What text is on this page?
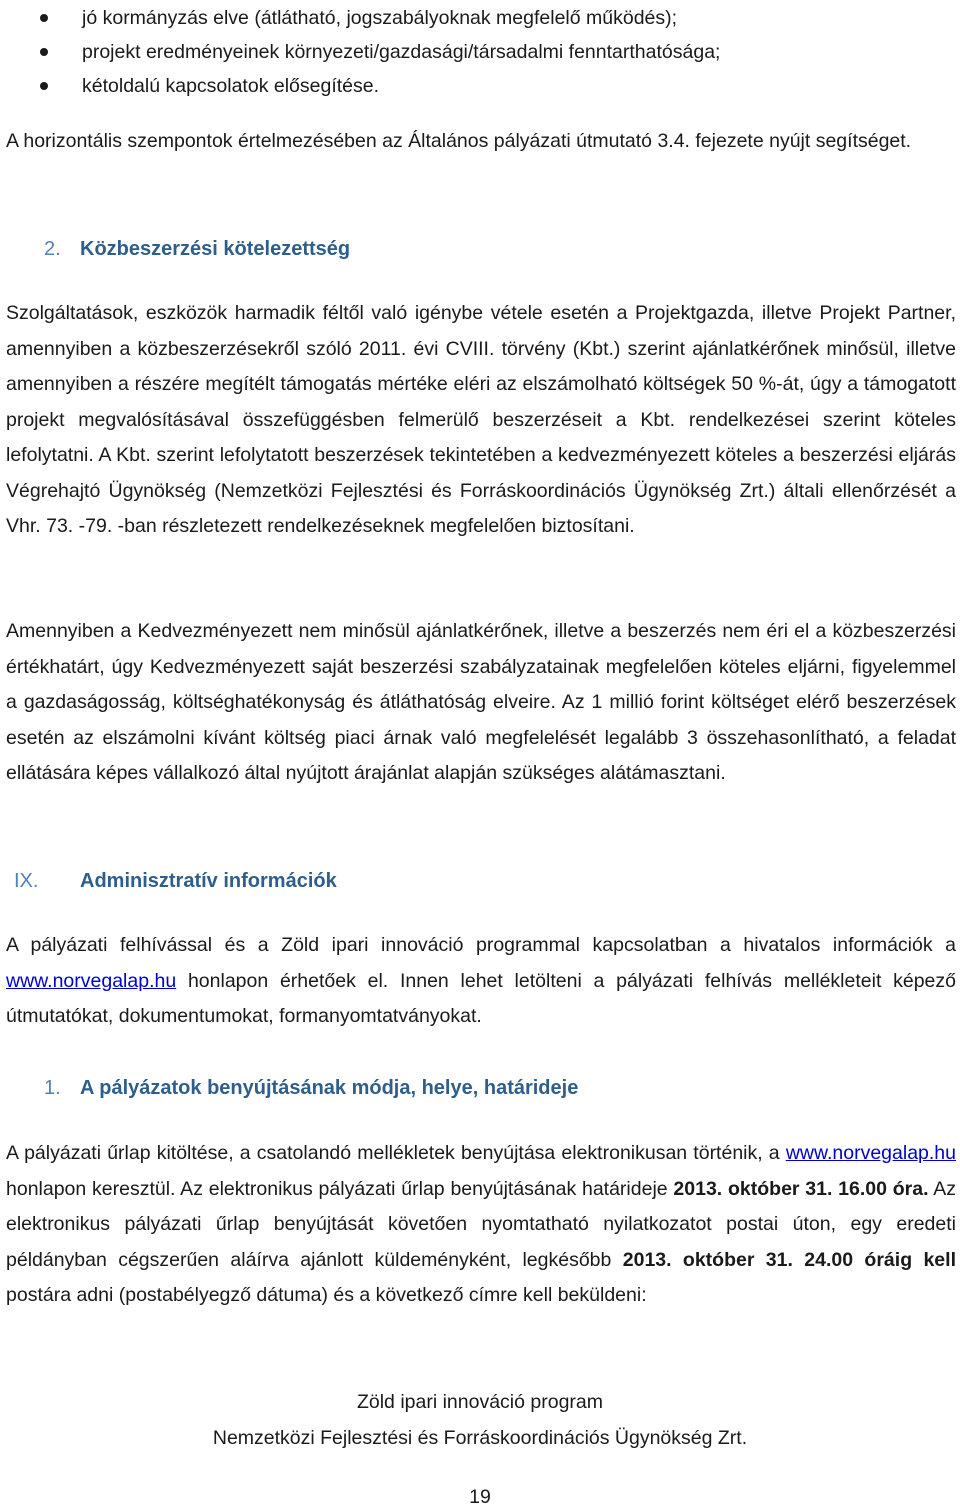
jó kormányzás elve (átlátható, jogszabályoknak megfelelő működés);
projekt eredményeinek környezeti/gazdasági/társadalmi fenntarthatósága;
kétoldalú kapcsolatok elősegítése.

A horizontális szempontok értelmezésében az Általános pályázati útmutató 3.4. fejezete nyújt segítséget.

2. Közbeszerzési kötelezettség

Szolgáltatások, eszközök harmadik féltől való igénybe vétele esetén a Projektgazda, illetve Projekt Partner, amennyiben a közbeszerzésekről szóló 2011. évi CVIII. törvény (Kbt.) szerint ajánlatkérőnek minősül, illetve amennyiben a részére megítélt támogatás mértéke eléri az elszámolható költségek 50 %-át, úgy a támogatott projekt megvalósításával összefüggésben felmerülő beszerzéseit a Kbt. rendelkezései szerint köteles lefolytatni. A Kbt. szerint lefolytatott beszerzések tekintetében a kedvezményezett köteles a beszerzési eljárás Végrehajtó Ügynökség (Nemzetközi Fejlesztési és Forráskoordinációs Ügynökség Zrt.) általi ellenőrzését a Vhr. 73. -79. -ban részletezett rendelkezéseknek megfelelően biztosítani.

Amennyiben a Kedvezményezett nem minősül ajánlatkérőnek, illetve a beszerzés nem éri el a közbeszerzési értékhatárt, úgy Kedvezményezett saját beszerzési szabályzatainak megfelelően köteles eljárni, figyelemmel a gazdaságosság, költséghatékonyság és átláthatóság elveire. Az 1 millió forint költséget elérő beszerzések esetén az elszámolni kívánt költség piaci árnak való megfelelését legalább 3 összehasonlítható, a feladat ellátására képes vállalkozó által nyújtott árajánlat alapján szükséges alátámasztani.

IX. Adminisztratív információk

A pályázati felhívással és a Zöld ipari innováció programmal kapcsolatban a hivatalos információk a www.norvegalap.hu honlapon érhetőek el. Innen lehet letölteni a pályázati felhívás mellékleteit képező útmutatókat, dokumentumokat, formanyomtatványokat.

1. A pályázatok benyújtásának módja, helye, határideje

A pályázati űrlap kitöltése, a csatolandó mellékletek benyújtása elektronikusan történik, a www.norvegalap.hu honlapon keresztül. Az elektronikus pályázati űrlap benyújtásának határideje 2013. október 31. 16.00 óra. Az elektronikus pályázati űrlap benyújtását követően nyomtatható nyilatkozatot postai úton, egy eredeti példányban cégszerűen aláírva ajánlott küldeményként, legkésőbb 2013. október 31. 24.00 óráig kell postára adni (postabélyegző dátuma) és a következő címre kell beküldeni:

Zöld ipari innováció program
Nemzetközi Fejlesztési és Forráskoordinációs Ügynökség Zrt.
19
